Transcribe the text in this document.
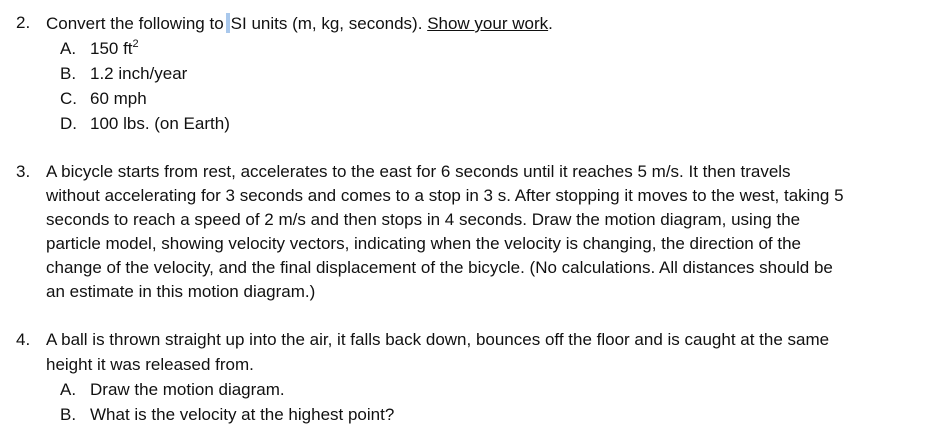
2. Convert the following to SI units (m, kg, seconds). Show your work.
A. 150 $ft^2$
B. 1.2 inch/year
C. 60 mph
D. 100 lbs. (on Earth)
3. A bicycle starts from rest, accelerates to the east for 6 seconds until it reaches 5 m/s. It then travels
without accelerating for 3 seconds and comes to a stop in 3 s. After stopping it moves to the west, taking 5
seconds to reach a speed of 2 m/s and then stops in 4 seconds. Draw the motion diagram, using the
particle model, showing velocity vectors, indicating when the velocity is changing, the direction of the
change of the velocity, and the final displacement of the bicycle. (No calculations. All distances should be
an estimate in this motion diagram.)
4. A ball is thrown straight up into the air, it falls back down, bounces off the floor and is caught at the same
height it was released from.
A. Draw the motion diagram.
B. What is the velocity at the highest point?
